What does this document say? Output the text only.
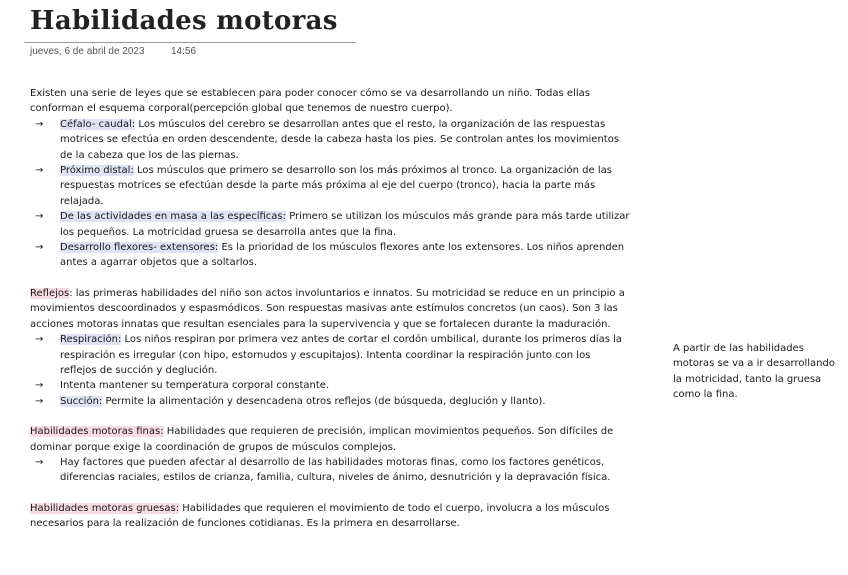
Habilidades motoras
jueves, 6 de abril de 2023	14:56

Existen una serie de leyes que se establecen para poder conocer cómo se va desarrollando un niño. Todas ellas conforman el esquema corporal(percepción global que tenemos de nuestro cuerpo).

→ Céfalo- caudal: Los músculos del cerebro se desarrollan antes que el resto, la organización de las respuestas motrices se efectúa en orden descendente, desde la cabeza hasta los pies. Se controlan antes los movimientos de la cabeza que los de las piernas.
→ Próximo distal: Los músculos que primero se desarrollo son los más próximos al tronco. La organización de las respuestas motrices se efectúan desde la parte más próxima al eje del cuerpo (tronco), hacia la parte más relajada.
→ De las actividades en masa a las específicas: Primero se utilizan los músculos más grande para más tarde utilizar los pequeños. La motricidad gruesa se desarrolla antes que la fina.
→ Desarrollo flexores- extensores: Es la prioridad de los músculos flexores ante los extensores. Los niños aprenden antes a agarrar objetos que a soltarlos.

Reflejos: las primeras habilidades del niño son actos involuntarios e innatos. Su motricidad se reduce en un principio a movimientos descoordinados y espasmódicos. Son respuestas masivas ante estímulos concretos (un caos). Son 3 las acciones motoras innatas que resultan esenciales para la supervivencia y que se fortalecen durante la maduración.

→ Respiración: Los niños respiran por primera vez antes de cortar el cordón umbilical, durante los primeros días la respiración es irregular (con hipo, estornudos y escupitajos). Intenta coordinar la respiración junto con los reflejos de succión y deglución.
→ Intenta mantener su temperatura corporal constante.
→ Succión: Permite la alimentación y desencadena otros reflejos (de búsqueda, deglución y llanto).

Habilidades motoras finas: Habilidades que requieren de precisión, implican movimientos pequeños. Son difíciles de dominar porque exige la coordinación de grupos de músculos complejos.

→ Hay factores que pueden afectar al desarrollo de las habilidades motoras finas, como los factores genéticos, diferencias raciales, estilos de crianza, familia, cultura, niveles de ánimo, desnutrición y la depravación física.

Habilidades motoras gruesas: Habilidades que requieren el movimiento de todo el cuerpo, involucra a los músculos necesarios para la realización de funciones cotidianas. Es la primera en desarrollarse.

A partir de las habilidades motoras se va a ir desarrollando la motricidad, tanto la gruesa como la fina.
